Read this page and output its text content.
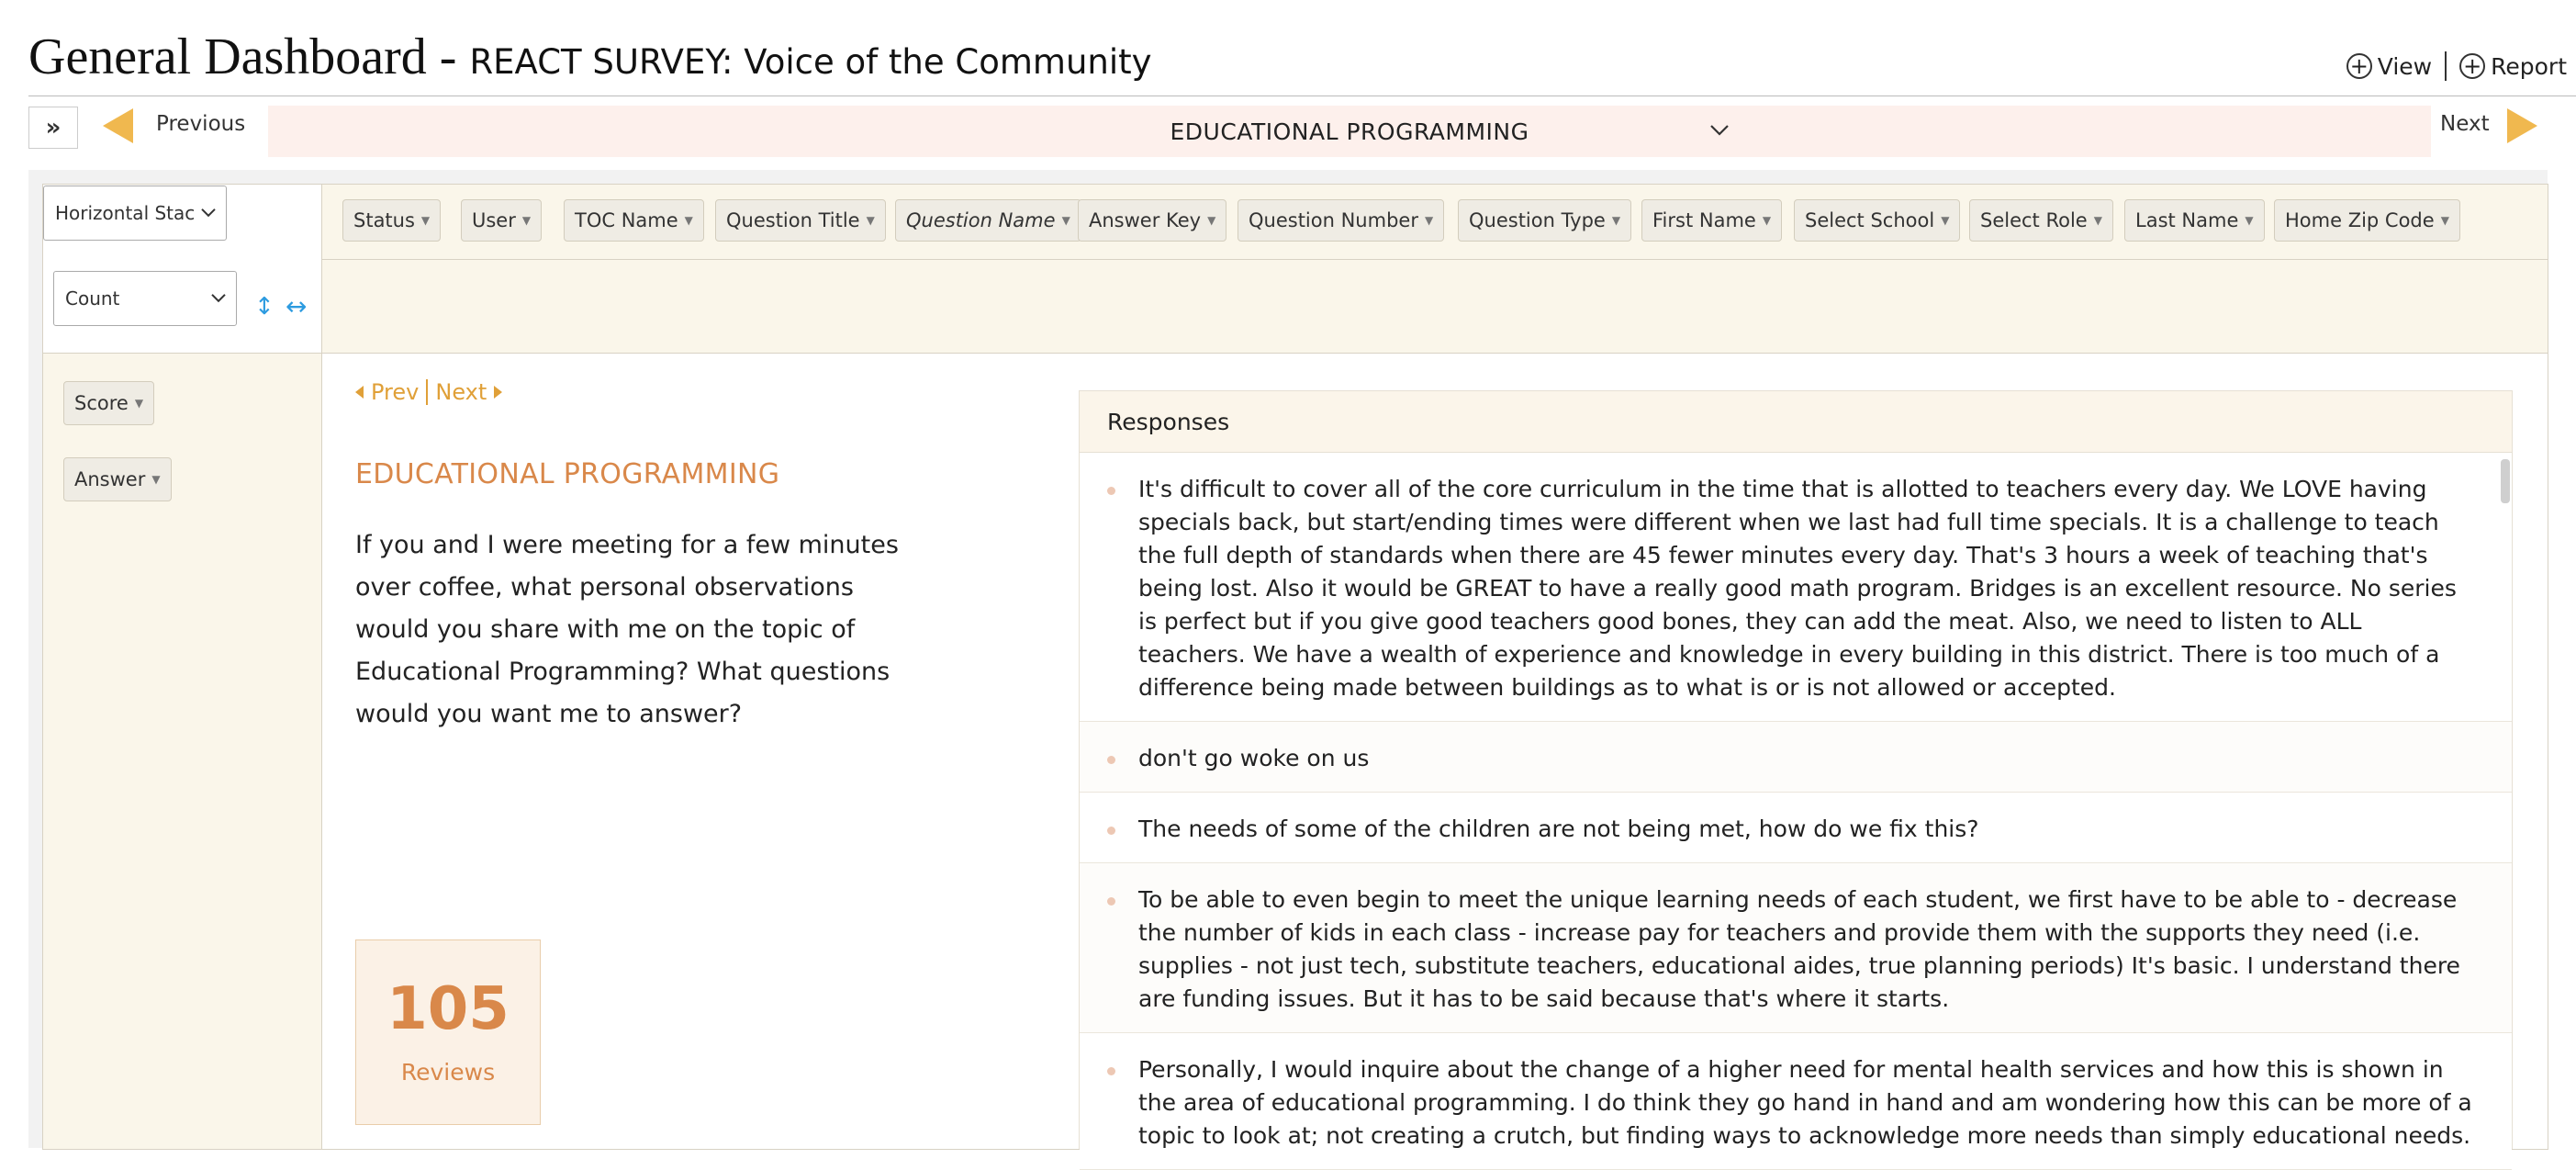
General Dashboard - REACT SURVEY: Voice of the Community	+ View + Report
»	Previous	EDUCATIONAL PROGRAMMING	Next
Horizontal Stac
Count	↕ ↔
Status ▼ User ▼ TOC Name ▼ Question Title ▼ Question Name ▼ Answer Key ▼ Question Number ▼ Question Type ▼ First Name ▼ Select School ▼ Select Role ▼ Last Name ▼ Home Zip Code ▼
Score ▼
Answer ▼
Prev Next
EDUCATIONAL PROGRAMMING
If you and I were meeting for a few minutes over coffee, what personal observations would you share with me on the topic of Educational Programming? What questions would you want me to answer?
105
Reviews
Responses
It's difficult to cover all of the core curriculum in the time that is allotted to teachers every day. We LOVE having specials back, but start/ending times were different when we last had full time specials. It is a challenge to teach the full depth of standards when there are 45 fewer minutes every day. That's 3 hours a week of teaching that's being lost. Also it would be GREAT to have a really good math program. Bridges is an excellent resource. No series is perfect but if you give good teachers good bones, they can add the meat. Also, we need to listen to ALL teachers. We have a wealth of experience and knowledge in every building in this district. There is too much of a difference being made between buildings as to what is or is not allowed or accepted.
don't go woke on us
The needs of some of the children are not being met, how do we fix this?
To be able to even begin to meet the unique learning needs of each student, we first have to be able to - decrease the number of kids in each class - increase pay for teachers and provide them with the supports they need (i.e. supplies - not just tech, substitute teachers, educational aides, true planning periods) It's basic. I understand there are funding issues. But it has to be said because that's where it starts.
Personally, I would inquire about the change of a higher need for mental health services and how this is shown in the area of educational programming. I do think they go hand in hand and am wondering how this can be more of a topic to look at; not creating a crutch, but finding ways to acknowledge more needs than simply educational needs.
